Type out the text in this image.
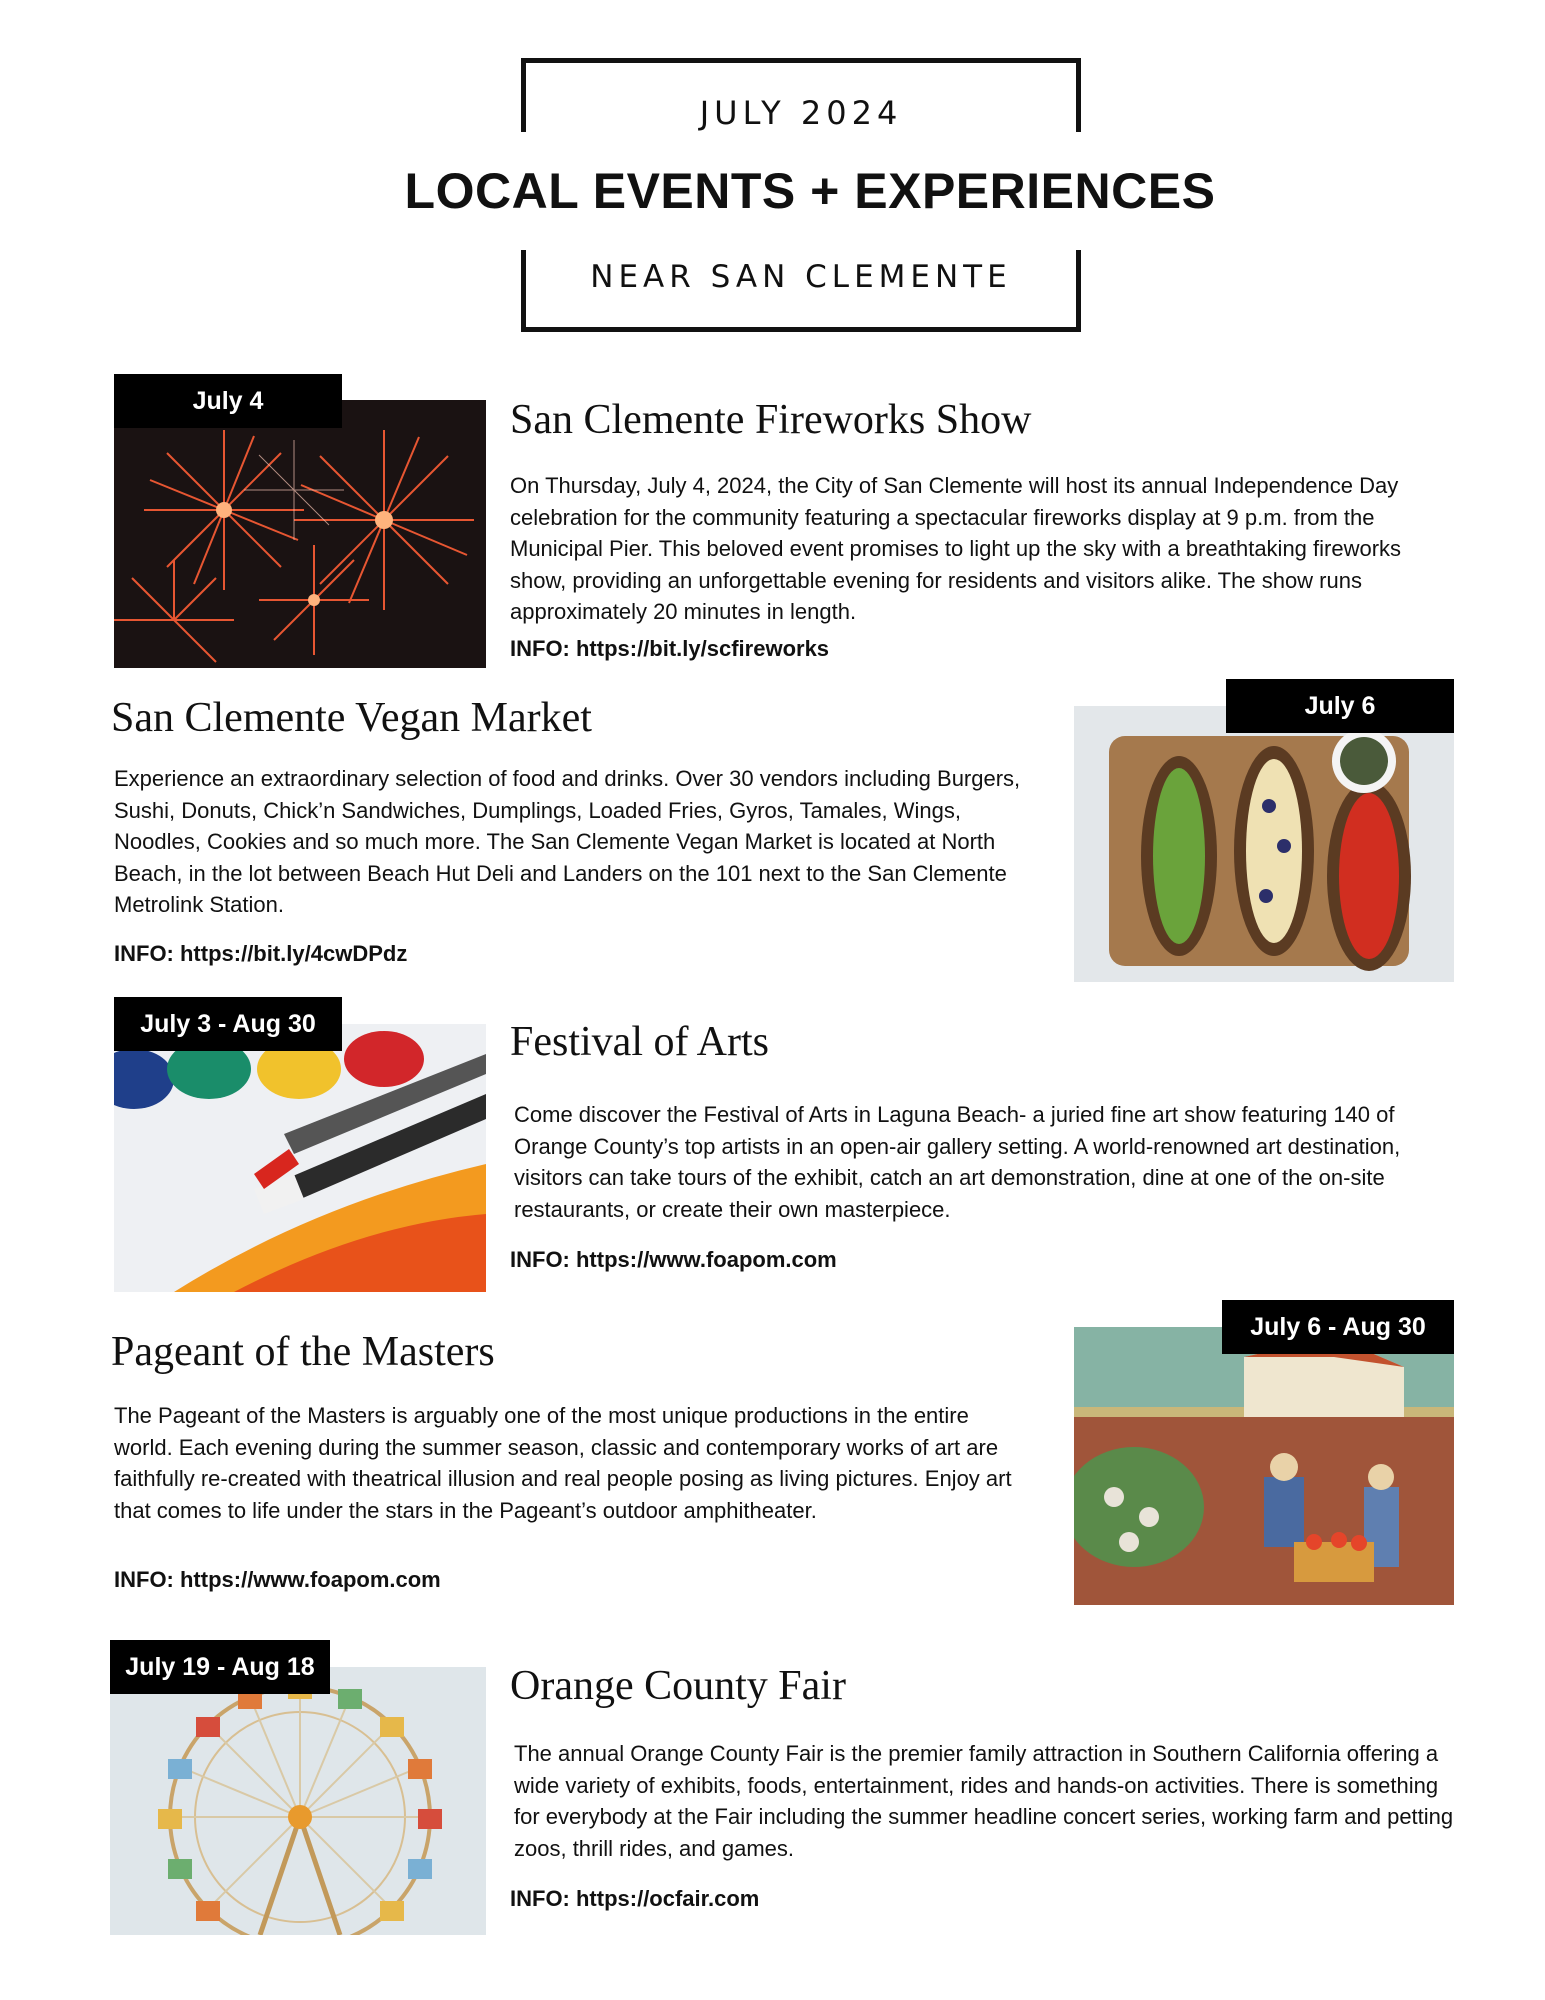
JULY 2024
LOCAL EVENTS + EXPERIENCES
NEAR SAN CLEMENTE
July 4	San Clemente Fireworks Show
On Thursday, July 4, 2024, the City of San Clemente will host its annual Independence Day celebration for the community featuring a spectacular fireworks display at 9 p.m. from the Municipal Pier. This beloved event promises to light up the sky with a breathtaking fireworks show, providing an unforgettable evening for residents and visitors alike. The show runs approximately 20 minutes in length.
INFO: https://bit.ly/scfireworks
San Clemente Vegan Market
Experience an extraordinary selection of food and drinks. Over 30 vendors including Burgers, Sushi, Donuts, Chick’n Sandwiches, Dumplings, Loaded Fries, Gyros, Tamales, Wings, Noodles, Cookies and so much more. The San Clemente Vegan Market is located at North Beach, in the lot between Beach Hut Deli and Landers on the 101 next to the San Clemente Metrolink Station.
INFO: https://bit.ly/4cwDPdz
July 6
July 3 - Aug 30	Festival of Arts
Come discover the Festival of Arts in Laguna Beach- a juried fine art show featuring 140 of Orange County’s top artists in an open-air gallery setting. A world-renowned art destination, visitors can take tours of the exhibit, catch an art demonstration, dine at one of the on-site restaurants, or create their own masterpiece.
INFO: https://www.foapom.com
Pageant of the Masters
The Pageant of the Masters is arguably one of the most unique productions in the entire world. Each evening during the summer season, classic and contemporary works of art are faithfully re-created with theatrical illusion and real people posing as living pictures. Enjoy art that comes to life under the stars in the Pageant’s outdoor amphitheater.
INFO: https://www.foapom.com
July 6 - Aug 30
July 19 - Aug 18	Orange County Fair
The annual Orange County Fair is the premier family attraction in Southern California offering a wide variety of exhibits, foods, entertainment, rides and hands-on activities. There is something for everybody at the Fair including the summer headline concert series, working farm and petting zoos, thrill rides, and games.
INFO: https://ocfair.com
